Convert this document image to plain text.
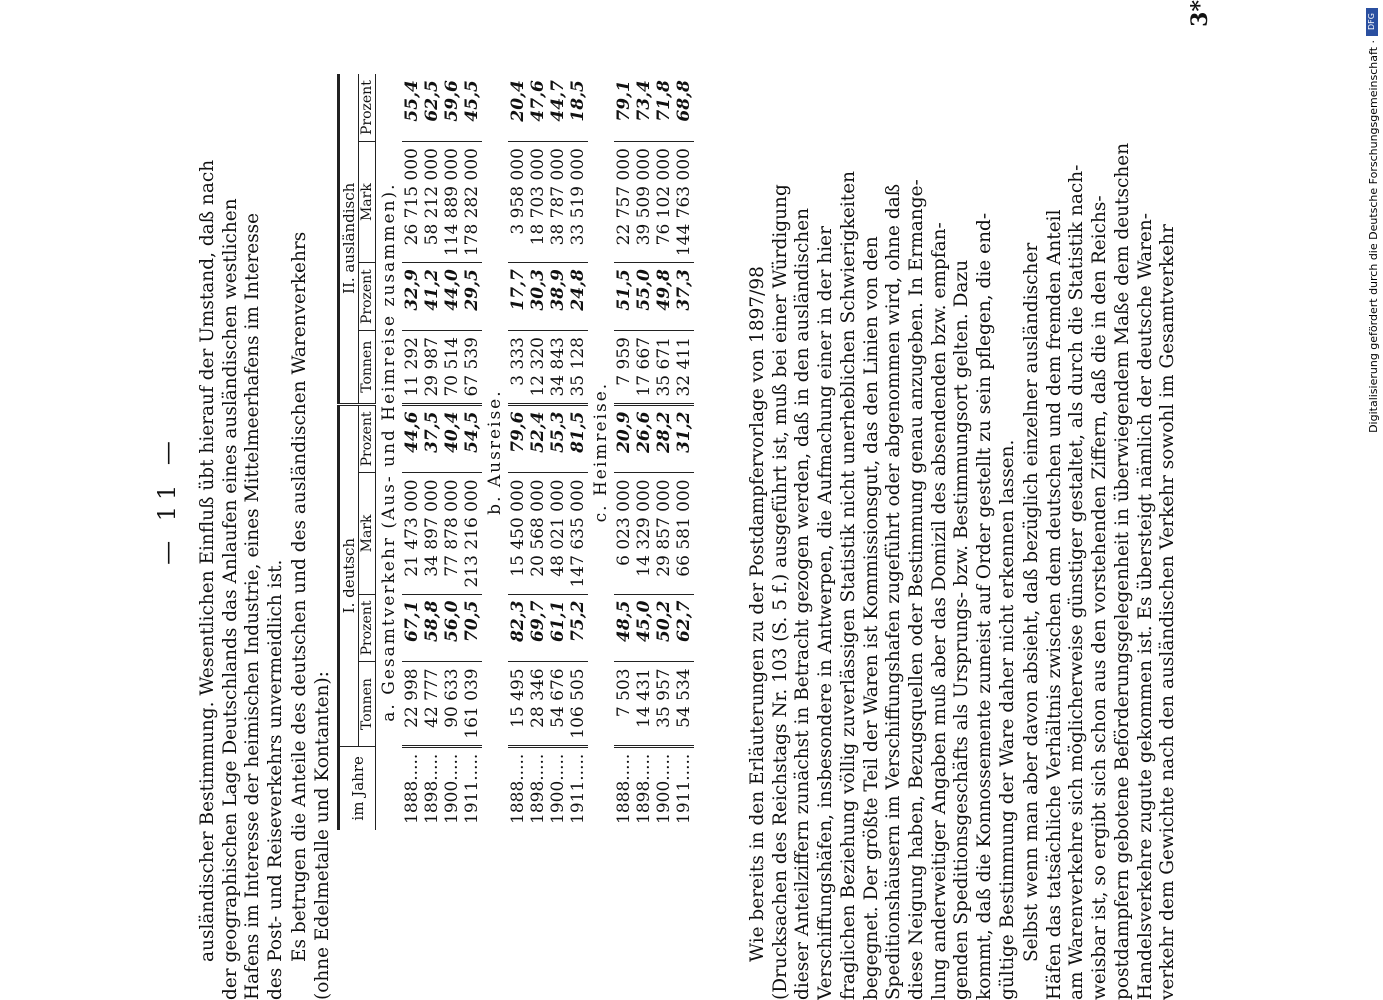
— 11 — ausländischer Bestimmung. Wesentlichen Einfluß übt hierauf der Umstand, daß nach der geographischen Lage Deutschlands das Anlaufen eines ausländischen westlichen Hafens im Interesse der heimischen Industrie, eines Mittelmeerhafens im Interesse des Post- und Reiseverkehrs unvermeidlich ist. Es betrugen die Anteile des deutschen und des ausländischen Warenverkehrs (ohne Edelmetalle und Kontanten): im Jahre	I. deutsch				II. ausländisch			
	Tonnen	Prozent	Mark	Prozent	Tonnen	Prozent	Mark	Prozent
a. Gesamtverkehr (Aus- und Heimreise zusammen).								
1888.....	22 998	67,1	21 473 000	44,6	11 292	32,9	26 715 000	55,4
1898.....	42 777	58,8	34 897 000	37,5	29 987	41,2	58 212 000	62,5
1900.....	90 633	56,0	77 878 000	40,4	70 514	44,0	114 889 000	59,6
1911.....	161 039	70,5	213 216 000	54,5	67 539	29,5	178 282 000	45,5
b. Ausreise.								
1888.....	15 495	82,3	15 450 000	79,6	3 333	17,7	3 958 000	20,4
1898.....	28 346	69,7	20 568 000	52,4	12 320	30,3	18 703 000	47,6
1900.....	54 676	61,1	48 021 000	55,3	34 843	38,9	38 787 000	44,7
1911.....	106 505	75,2	147 635 000	81,5	35 128	24,8	33 519 000	18,5
c. Heimreise.								
1888.....	7 503	48,5	6 023 000	20,9	7 959	51,5	22 757 000	79,1
1898.....	14 431	45,0	14 329 000	26,6	17 667	55,0	39 509 000	73,4
1900.....	35 957	50,2	29 857 000	28,2	35 671	49,8	76 102 000	71,8
1911.....	54 534	62,7	66 581 000	31,2	32 411	37,3	144 763 000	68,8
Wie bereits in den Erläuterungen zu der Postdampfervorlage von 1897/98 (Drucksachen des Reichstags Nr. 103 (S. 5 f.) ausgeführt ist, muß bei einer Würdigung dieser Anteilziffern zunächst in Betracht gezogen werden, daß in den ausländischen Verschiffungshäfen, insbesondere in Antwerpen, die Aufmachung einer in der hier fraglichen Beziehung völlig zuverlässigen Statistik nicht unerheblichen Schwierigkeiten begegnet. Der größte Teil der Waren ist Kommissionsgut, das den Linien von den Speditionshäusern im Verschiffungshafen zugeführt oder abgenommen wird, ohne daß diese Neigung haben, Bezugsquellen oder Bestimmung genau anzugeben. In Ermange- lung anderweitiger Angaben muß aber das Domizil des absendenden bzw. empfan- genden Speditionsgeschäfts als Ursprungs- bzw. Bestimmungsort gelten. Dazu kommt, daß die Konnossemente zumeist auf Order gestellt zu sein pflegen, die end- gültige Bestimmung der Ware daher nicht erkennen lassen. Selbst wenn man aber davon absieht, daß bezüglich einzelner ausländischer Häfen das tatsächliche Verhältnis zwischen dem deutschen und dem fremden Anteil am Warenverkehre sich möglicherweise günstiger gestaltet, als durch die Statistik nach- weisbar ist, so ergibt sich schon aus den vorstehenden Ziffern, daß die in den Reichs- postdampfern gebotene Beförderungsgelegenheit in überwiegendem Maße dem deutschen Handelsverkehre zugute gekommen ist. Es übersteigt nämlich der deutsche Waren- verkehr dem Gewichte nach den ausländischen Verkehr sowohl im Gesamtverkehr
3*	DFG
Digitalisierung gefördert durch die Deutsche Forschungsgemeinschaft ·
